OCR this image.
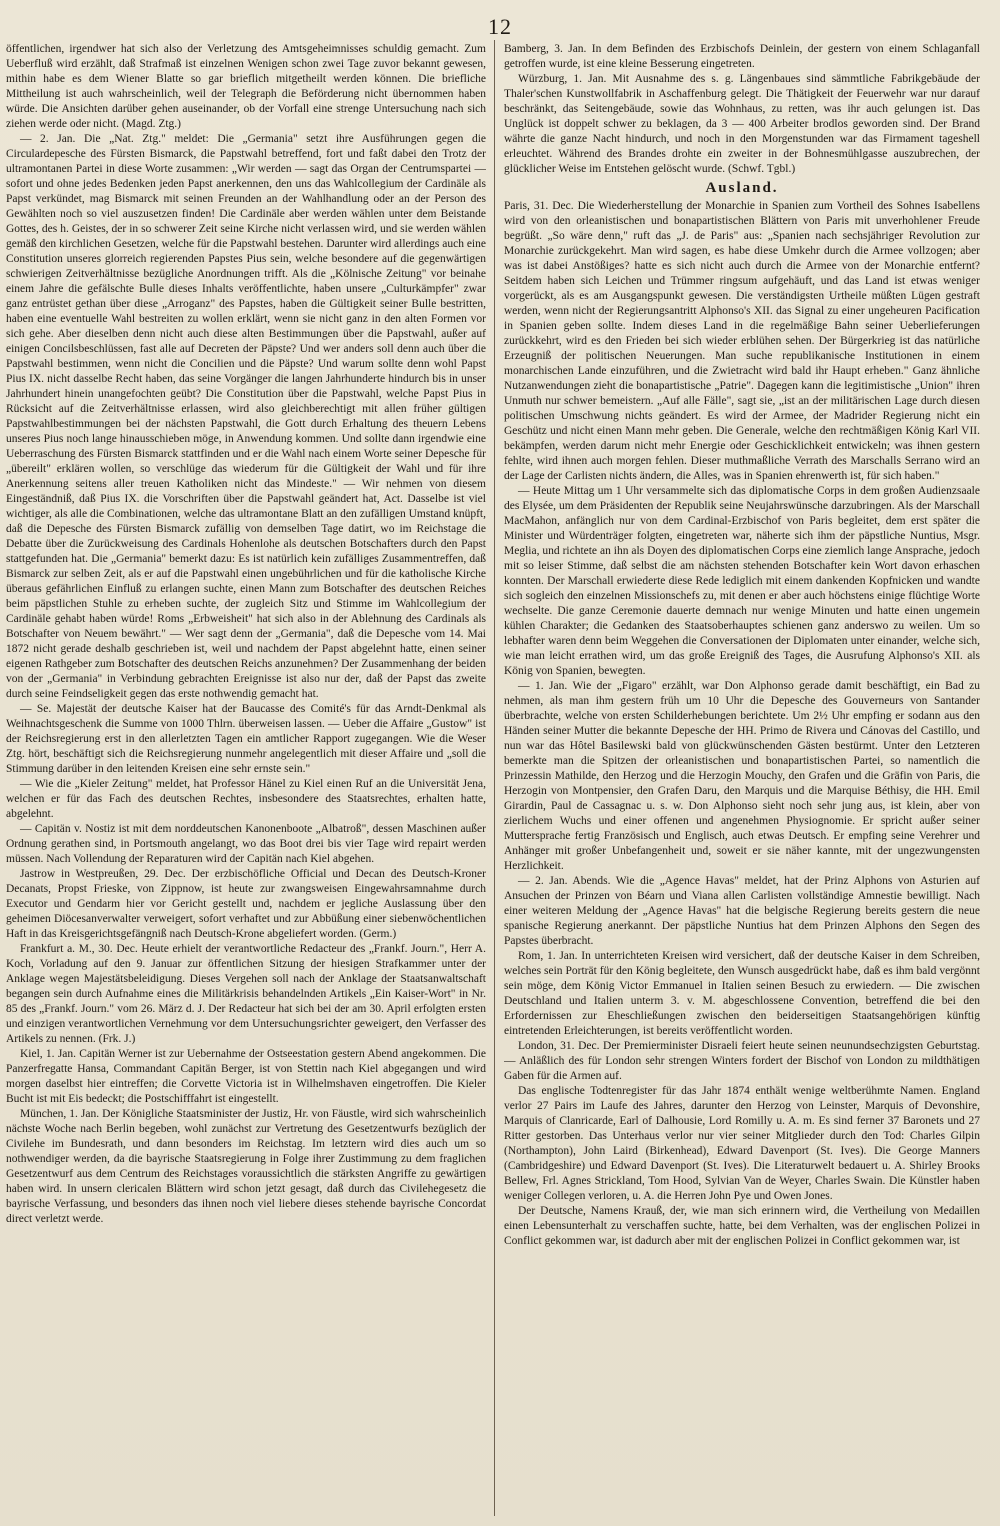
12

öffentlichen, irgendwer hat sich also der Verletzung des Amtsgeheimnisses schuldig gemacht. Zum Ueberfluß wird erzählt, daß Strafmaß ist einzelnen Wenigen schon zwei Tage zuvor bekannt gewesen, mithin habe es dem Wiener Blatte so gar brieflich mitgetheilt werden können. Die briefliche Mittheilung ist auch wahrscheinlich, weil der Telegraph die Beförderung nicht übernommen haben würde. Die Ansichten darüber gehen auseinander, ob der Vorfall eine strenge Untersuchung nach sich ziehen werde oder nicht. (Magd. Ztg.)

— 2. Jan. Die „Nat. Ztg." meldet: Die „Germania" setzt ihre Ausführungen gegen die Circulardepesche des Fürsten Bismarck, die Papstwahl betreffend, fort und faßt dabei den Trotz der ultramontanen Partei in diese Worte zusammen: „Wir werden — sagt das Organ der Centrumspartei — sofort und ohne jedes Bedenken jeden Papst anerkennen, den uns das Wahlcollegium der Cardinäle als Papst verkündet, mag Bismarck mit seinen Freunden an der Wahlhandlung oder an der Person des Gewählten noch so viel auszusetzen finden! Die Cardinäle aber werden wählen unter dem Beistande Gottes, des h. Geistes, der in so schwerer Zeit seine Kirche nicht verlassen wird, und sie werden wählen gemäß den kirchlichen Gesetzen, welche für die Papstwahl bestehen. Darunter wird allerdings auch eine Constitution unseres glorreich regierenden Papstes Pius sein, welche besondere auf die gegenwärtigen schwierigen Zeitverhältnisse bezügliche Anordnungen trifft. Als die „Kölnische Zeitung" vor beinahe einem Jahre die gefälschte Bulle dieses Inhalts veröffentlichte, haben unsere „Culturkämpfer" zwar ganz entrüstet gethan über diese „Arroganz" des Papstes, haben die Gültigkeit seiner Bulle bestritten, haben eine eventuelle Wahl bestreiten zu wollen erklärt, wenn sie nicht ganz in den alten Formen vor sich gehe. Aber dieselben denn nicht auch diese alten Bestimmungen über die Papstwahl, außer auf einigen Concilsbeschlüssen, fast alle auf Decreten der Päpste? Und wer anders soll denn auch über die Papstwahl bestimmen, wenn nicht die Concilien und die Päpste? Und warum sollte denn wohl Papst Pius IX. nicht dasselbe Recht haben, das seine Vorgänger die langen Jahrhunderte hindurch bis in unser Jahrhundert hinein unangefochten geübt? Die Constitution über die Papstwahl, welche Papst Pius in Rücksicht auf die Zeitverhältnisse erlassen, wird also gleichberechtigt mit allen früher gültigen Papstwahlbestimmungen bei der nächsten Papstwahl, die Gott durch Erhaltung des theuern Lebens unseres Pius noch lange hinausschieben möge, in Anwendung kommen. Und sollte dann irgendwie eine Ueberraschung des Fürsten Bismarck stattfinden und er die Wahl nach einem Worte seiner Depesche für „übereilt" erklären wollen, so verschlüge das wiederum für die Gültigkeit der Wahl und für ihre Anerkennung seitens aller treuen Katholiken nicht das Mindeste." — Wir nehmen von diesem Eingeständniß, daß Pius IX. die Vorschriften über die Papstwahl geändert hat, Act. Dasselbe ist viel wichtiger, als alle die Combinationen, welche das ultramontane Blatt an den zufälligen Umstand knüpft, daß die Depesche des Fürsten Bismarck zufällig von demselben Tage datirt, wo im Reichstage die Debatte über die Zurückweisung des Cardinals Hohenlohe als deutschen Botschafters durch den Papst stattgefunden hat. Die „Germania" bemerkt dazu: Es ist natürlich kein zufälliges Zusammentreffen, daß Bismarck zur selben Zeit, als er auf die Papstwahl einen ungebührlichen und für die katholische Kirche überaus gefährlichen Einfluß zu erlangen suchte, einen Mann zum Botschafter des deutschen Reiches beim päpstlichen Stuhle zu erheben suchte, der zugleich Sitz und Stimme im Wahlcollegium der Cardinäle gehabt haben würde! Roms „Erbweisheit" hat sich also in der Ablehnung des Cardinals als Botschafter von Neuem bewährt." — Wer sagt denn der „Germania", daß die Depesche vom 14. Mai 1872 nicht gerade deshalb geschrieben ist, weil und nachdem der Papst abgelehnt hatte, einen seiner eigenen Rathgeber zum Botschafter des deutschen Reichs anzunehmen? Der Zusammenhang der beiden von der „Germania" in Verbindung gebrachten Ereignisse ist also nur der, daß der Papst das zweite durch seine Feindseligkeit gegen das erste nothwendig gemacht hat.

— Se. Majestät der deutsche Kaiser hat der Baucasse des Comité's für das Arndt-Denkmal als Weihnachtsgeschenk die Summe von 1000 Thlrn. überweisen lassen. — Ueber die Affaire „Gustow" ist der Reichsregierung erst in den allerletzten Tagen ein amtlicher Rapport zugegangen. Wie die Weser Ztg. hört, beschäftigt sich die Reichsregierung nunmehr angelegentlich mit dieser Affaire und „soll die Stimmung darüber in den leitenden Kreisen eine sehr ernste sein."

— Wie die „Kieler Zeitung" meldet, hat Professor Hänel zu Kiel einen Ruf an die Universität Jena, welchen er für das Fach des deutschen Rechtes, insbesondere des Staatsrechtes, erhalten hatte, abgelehnt.

— Capitän v. Nostiz ist mit dem norddeutschen Kanonenboote „Albatroß", dessen Maschinen außer Ordnung gerathen sind, in Portsmouth angelangt, wo das Boot drei bis vier Tage wird repairt werden müssen. Nach Vollendung der Reparaturen wird der Capitän nach Kiel abgehen.

Jastrow in Westpreußen, 29. Dec. Der erzbischöfliche Official und Decan des Deutsch-Kroner Decanats, Propst Frieske, von Zippnow, ist heute zur zwangsweisen Eingewahrsamnahme durch Executor und Gendarm hier vor Gericht gestellt und, nachdem er jegliche Auslassung über den geheimen Diöcesanverwalter verweigert, sofort verhaftet und zur Abbüßung einer siebenwöchentlichen Haft in das Kreisgerichtsgefängniß nach Deutsch-Krone abgeliefert worden. (Germ.)

Frankfurt a. M., 30. Dec. Heute erhielt der verantwortliche Redacteur des „Frankf. Journ.", Herr A. Koch, Vorladung auf den 9. Januar zur öffentlichen Sitzung der hiesigen Strafkammer unter der Anklage wegen Majestätsbeleidigung. Dieses Vergehen soll nach der Anklage der Staatsanwaltschaft begangen sein durch Aufnahme eines die Militärkrisis behandelnden Artikels „Ein Kaiser-Wort" in Nr. 85 des „Frankf. Journ." vom 26. März d. J. Der Redacteur hat sich bei der am 30. April erfolgten ersten und einzigen verantwortlichen Vernehmung vor dem Untersuchungsrichter geweigert, den Verfasser des Artikels zu nennen. (Frk. J.)

Kiel, 1. Jan. Capitän Werner ist zur Uebernahme der Ostseestation gestern Abend angekommen. Die Panzerfregatte Hansa, Commandant Capitän Berger, ist von Stettin nach Kiel abgegangen und wird morgen daselbst hier eintreffen; die Corvette Victoria ist in Wilhelmshaven eingetroffen. Die Kieler Bucht ist mit Eis bedeckt; die Postschifffahrt ist eingestellt.

München, 1. Jan. Der Königliche Staatsminister der Justiz, Hr. von Fäustle, wird sich wahrscheinlich nächste Woche nach Berlin begeben, wohl zunächst zur Vertretung des Gesetzentwurfs bezüglich der Civilehe im Bundesrath, und dann besonders im Reichstag. Im letztern wird dies auch um so nothwendiger werden, da die bayrische Staatsregierung in Folge ihrer Zustimmung zu dem fraglichen Gesetzentwurf aus dem Centrum des Reichstages voraussichtlich die stärksten Angriffe zu gewärtigen haben wird. In unsern clericalen Blättern wird schon jetzt gesagt, daß durch das Civilehegesetz die bayrische Verfassung, und besonders das ihnen noch viel liebere dieses stehende bayrische Concordat direct verletzt werde.

Bamberg, 3. Jan. In dem Befinden des Erzbischofs Deinlein, der gestern von einem Schlaganfall getroffen wurde, ist eine kleine Besserung eingetreten.

Würzburg, 1. Jan. Mit Ausnahme des s. g. Längenbaues sind sämmtliche Fabrikgebäude der Thaler'schen Kunstwollfabrik in Aschaffenburg gelegt. Die Thätigkeit der Feuerwehr war nur darauf beschränkt, das Seitengebäude, sowie das Wohnhaus, zu retten, was ihr auch gelungen ist. Das Unglück ist doppelt schwer zu beklagen, da 3 — 400 Arbeiter brodlos geworden sind. Der Brand währte die ganze Nacht hindurch, und noch in den Morgenstunden war das Firmament tageshell erleuchtet. Während des Brandes drohte ein zweiter in der Bohnesmühlgasse auszubrechen, der glücklicher Weise im Entstehen gelöscht wurde. (Schwf. Tgbl.)

Ausland.

Paris, 31. Dec. Die Wiederherstellung der Monarchie in Spanien zum Vortheil des Sohnes Isabellens wird von den orleanistischen und bonapartistischen Blättern von Paris mit unverhohlener Freude begrüßt. „So wäre denn," ruft das „J. de Paris" aus: „Spanien nach sechsjähriger Revolution zur Monarchie zurückgekehrt. Man wird sagen, es habe diese Umkehr durch die Armee vollzogen; aber was ist dabei Anstößiges? hatte es sich nicht auch durch die Armee von der Monarchie entfernt? Seitdem haben sich Leichen und Trümmer ringsum aufgehäuft, und das Land ist etwas weniger vorgerückt, als es am Ausgangspunkt gewesen. Die verständigsten Urtheile müßten Lügen gestraft werden, wenn nicht der Regierungsantritt Alphonso's XII. das Signal zu einer ungeheuren Pacification in Spanien geben sollte. Indem dieses Land in die regelmäßige Bahn seiner Ueberlieferungen zurückkehrt, wird es den Frieden bei sich wieder erblühen sehen. Der Bürgerkrieg ist das natürliche Erzeugniß der politischen Neuerungen. Man suche republikanische Institutionen in einem monarchischen Lande einzuführen, und die Zwietracht wird bald ihr Haupt erheben." Ganz ähnliche Nutzanwendungen zieht die bonapartistische „Patrie". Dagegen kann die legitimistische „Union" ihren Unmuth nur schwer bemeistern. „Auf alle Fälle", sagt sie, „ist an der militärischen Lage durch diesen politischen Umschwung nichts geändert. Es wird der Armee, der Madrider Regierung nicht ein Geschütz und nicht einen Mann mehr geben. Die Generale, welche den rechtmäßigen König Karl VII. bekämpfen, werden darum nicht mehr Energie oder Geschicklichkeit entwickeln; was ihnen gestern fehlte, wird ihnen auch morgen fehlen. Dieser muthmaßliche Verrath des Marschalls Serrano wird an der Lage der Carlisten nichts ändern, die Alles, was in Spanien ehrenwerth ist, für sich haben."

— Heute Mittag um 1 Uhr versammelte sich das diplomatische Corps in dem großen Audienzsaale des Elysée, um dem Präsidenten der Republik seine Neujahrswünsche darzubringen. Als der Marschall MacMahon, anfänglich nur von dem Cardinal-Erzbischof von Paris begleitet, dem erst später die Minister und Würdenträger folgten, eingetreten war, näherte sich ihm der päpstliche Nuntius, Msgr. Meglia, und richtete an ihn als Doyen des diplomatischen Corps eine ziemlich lange Ansprache, jedoch mit so leiser Stimme, daß selbst die am nächsten stehenden Botschafter kein Wort davon erhaschen konnten. Der Marschall erwiederte diese Rede lediglich mit einem dankenden Kopfnicken und wandte sich sogleich den einzelnen Missionschefs zu, mit denen er aber auch höchstens einige flüchtige Worte wechselte. Die ganze Ceremonie dauerte demnach nur wenige Minuten und hatte einen ungemein kühlen Charakter; die Gedanken des Staatsoberhauptes schienen ganz anderswo zu weilen. Um so lebhafter waren denn beim Weggehen die Conversationen der Diplomaten unter einander, welche sich, wie man leicht errathen wird, um das große Ereigniß des Tages, die Ausrufung Alphonso's XII. als König von Spanien, bewegten.

— 1. Jan. Wie der „Figaro" erzählt, war Don Alphonso gerade damit beschäftigt, ein Bad zu nehmen, als man ihm gestern früh um 10 Uhr die Depesche des Gouverneurs von Santander überbrachte, welche von ersten Schilderhebungen berichtete. Um 2½ Uhr empfing er sodann aus den Händen seiner Mutter die bekannte Depesche der HH. Primo de Rivera und Cánovas del Castillo, und nun war das Hôtel Basilewski bald von glückwünschenden Gästen bestürmt. Unter den Letzteren bemerkte man die Spitzen der orleanistischen und bonapartistischen Partei, so namentlich die Prinzessin Mathilde, den Herzog und die Herzogin Mouchy, den Grafen und die Gräfin von Paris, die Herzogin von Montpensier, den Grafen Daru, den Marquis und die Marquise Béthisy, die HH. Emil Girardin, Paul de Cassagnac u. s. w. Don Alphonso sieht noch sehr jung aus, ist klein, aber von zierlichem Wuchs und einer offenen und angenehmen Physiognomie. Er spricht außer seiner Muttersprache fertig Französisch und Englisch, auch etwas Deutsch. Er empfing seine Verehrer und Anhänger mit großer Unbefangenheit und, soweit er sie näher kannte, mit der ungezwungensten Herzlichkeit.

— 2. Jan. Abends. Wie die „Agence Havas" meldet, hat der Prinz Alphons von Asturien auf Ansuchen der Prinzen von Béarn und Viana allen Carlisten vollständige Amnestie bewilligt. Nach einer weiteren Meldung der „Agence Havas" hat die belgische Regierung bereits gestern die neue spanische Regierung anerkannt. Der päpstliche Nuntius hat dem Prinzen Alphons den Segen des Papstes überbracht.

Rom, 1. Jan. In unterrichteten Kreisen wird versichert, daß der deutsche Kaiser in dem Schreiben, welches sein Porträt für den König begleitete, den Wunsch ausgedrückt habe, daß es ihm bald vergönnt sein möge, dem König Victor Emmanuel in Italien seinen Besuch zu erwiedern. — Die zwischen Deutschland und Italien unterm 3. v. M. abgeschlossene Convention, betreffend die bei den Erfordernissen zur Eheschließungen zwischen den beiderseitigen Staatsangehörigen künftig eintretenden Erleichterungen, ist bereits veröffentlicht worden.

London, 31. Dec. Der Premierminister Disraeli feiert heute seinen neunundsechzigsten Geburtstag. — Anläßlich des für London sehr strengen Winters fordert der Bischof von London zu mildthätigen Gaben für die Armen auf.

Das englische Todtenregister für das Jahr 1874 enthält wenige weltberühmte Namen. England verlor 27 Pairs im Laufe des Jahres, darunter den Herzog von Leinster, Marquis of Devonshire, Marquis of Clanricarde, Earl of Dalhousie, Lord Romilly u. A. m. Es sind ferner 37 Baronets und 27 Ritter gestorben. Das Unterhaus verlor nur vier seiner Mitglieder durch den Tod: Charles Gilpin (Northampton), John Laird (Birkenhead), Edward Davenport (St. Ives). Die George Manners (Cambridgeshire) und Edward Davenport (St. Ives). Die Literaturwelt bedauert u. A. Shirley Brooks Bellew, Frl. Agnes Strickland, Tom Hood, Sylvian Van de Weyer, Charles Swain. Die Künstler haben weniger Collegen verloren, u. A. die Herren John Pye und Owen Jones.

Der Deutsche, Namens Krauß, der, wie man sich erinnern wird, die Vertheilung von Medaillen einen Lebensunterhalt zu verschaffen suchte, hatte, bei dem Verhalten, was der englischen Polizei in Conflict gekommen war, ist dadurch aber mit der englischen Polizei in Conflict gekommen war, ist
